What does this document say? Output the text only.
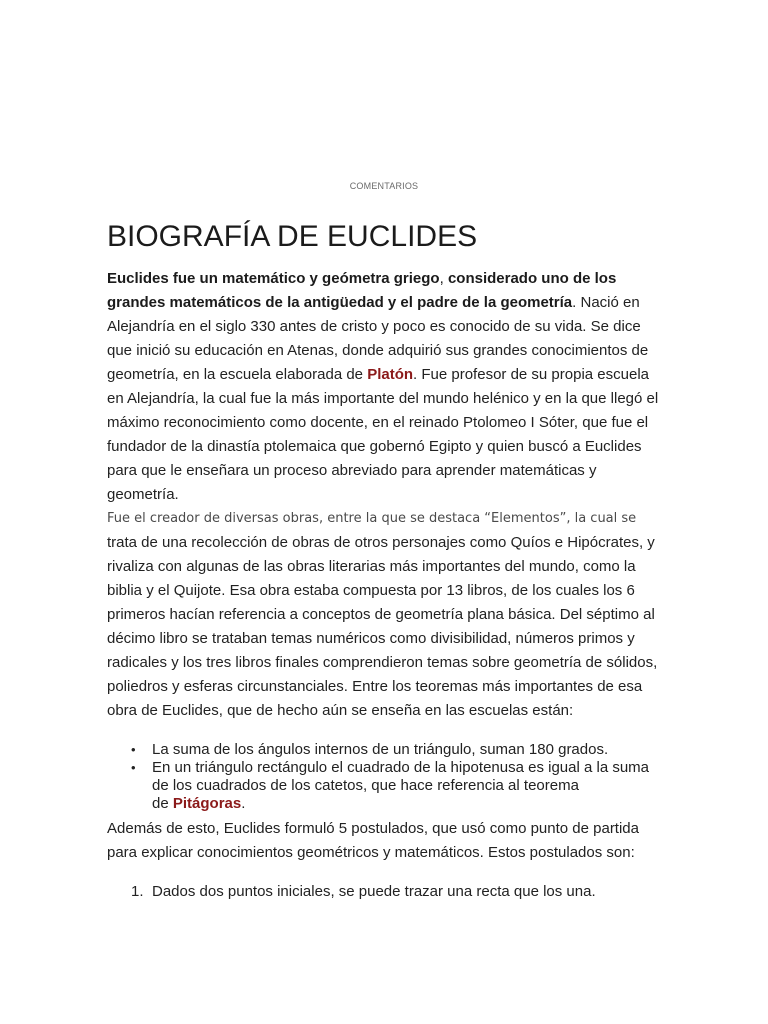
COMENTARIOS
BIOGRAFÍA DE EUCLIDES
Euclides fue un matemático y geómetra griego, considerado uno de los
grandes matemáticos de la antigüedad y el padre de la geometría. Nació en
Alejandría en el siglo 330 antes de cristo y poco es conocido de su vida. Se dice
que inició su educación en Atenas, donde adquirió sus grandes conocimientos de
geometría, en la escuela elaborada de Platón. Fue profesor de su propia escuela
en Alejandría, la cual fue la más importante del mundo helénico y en la que llegó el
máximo reconocimiento como docente, en el reinado Ptolomeo I Sóter, que fue el
fundador de la dinastía ptolemaica que gobernó Egipto y quien buscó a Euclides
para que le enseñara un proceso abreviado para aprender matemáticas y
geometría.
Fue el creador de diversas obras, entre la que se destaca “Elementos”, la cual se
trata de una recolección de obras de otros personajes como Quíos e Hipócrates, y
rivaliza con algunas de las obras literarias más importantes del mundo, como la
biblia y el Quijote. Esa obra estaba compuesta por 13 libros, de los cuales los 6
primeros hacían referencia a conceptos de geometría plana básica. Del séptimo al
décimo libro se trataban temas numéricos como divisibilidad, números primos y
radicales y los tres libros finales comprendieron temas sobre geometría de sólidos,
poliedros y esferas circunstanciales. Entre los teoremas más importantes de esa
obra de Euclides, que de hecho aún se enseña en las escuelas están:
• La suma de los ángulos internos de un triángulo, suman 180 grados.
• En un triángulo rectángulo el cuadrado de la hipotenusa es igual a la suma
de los cuadrados de los catetos, que hace referencia al teorema
de Pitágoras.
Además de esto, Euclides formuló 5 postulados, que usó como punto de partida
para explicar conocimientos geométricos y matemáticos. Estos postulados son:
1. Dados dos puntos iniciales, se puede trazar una recta que los una.
